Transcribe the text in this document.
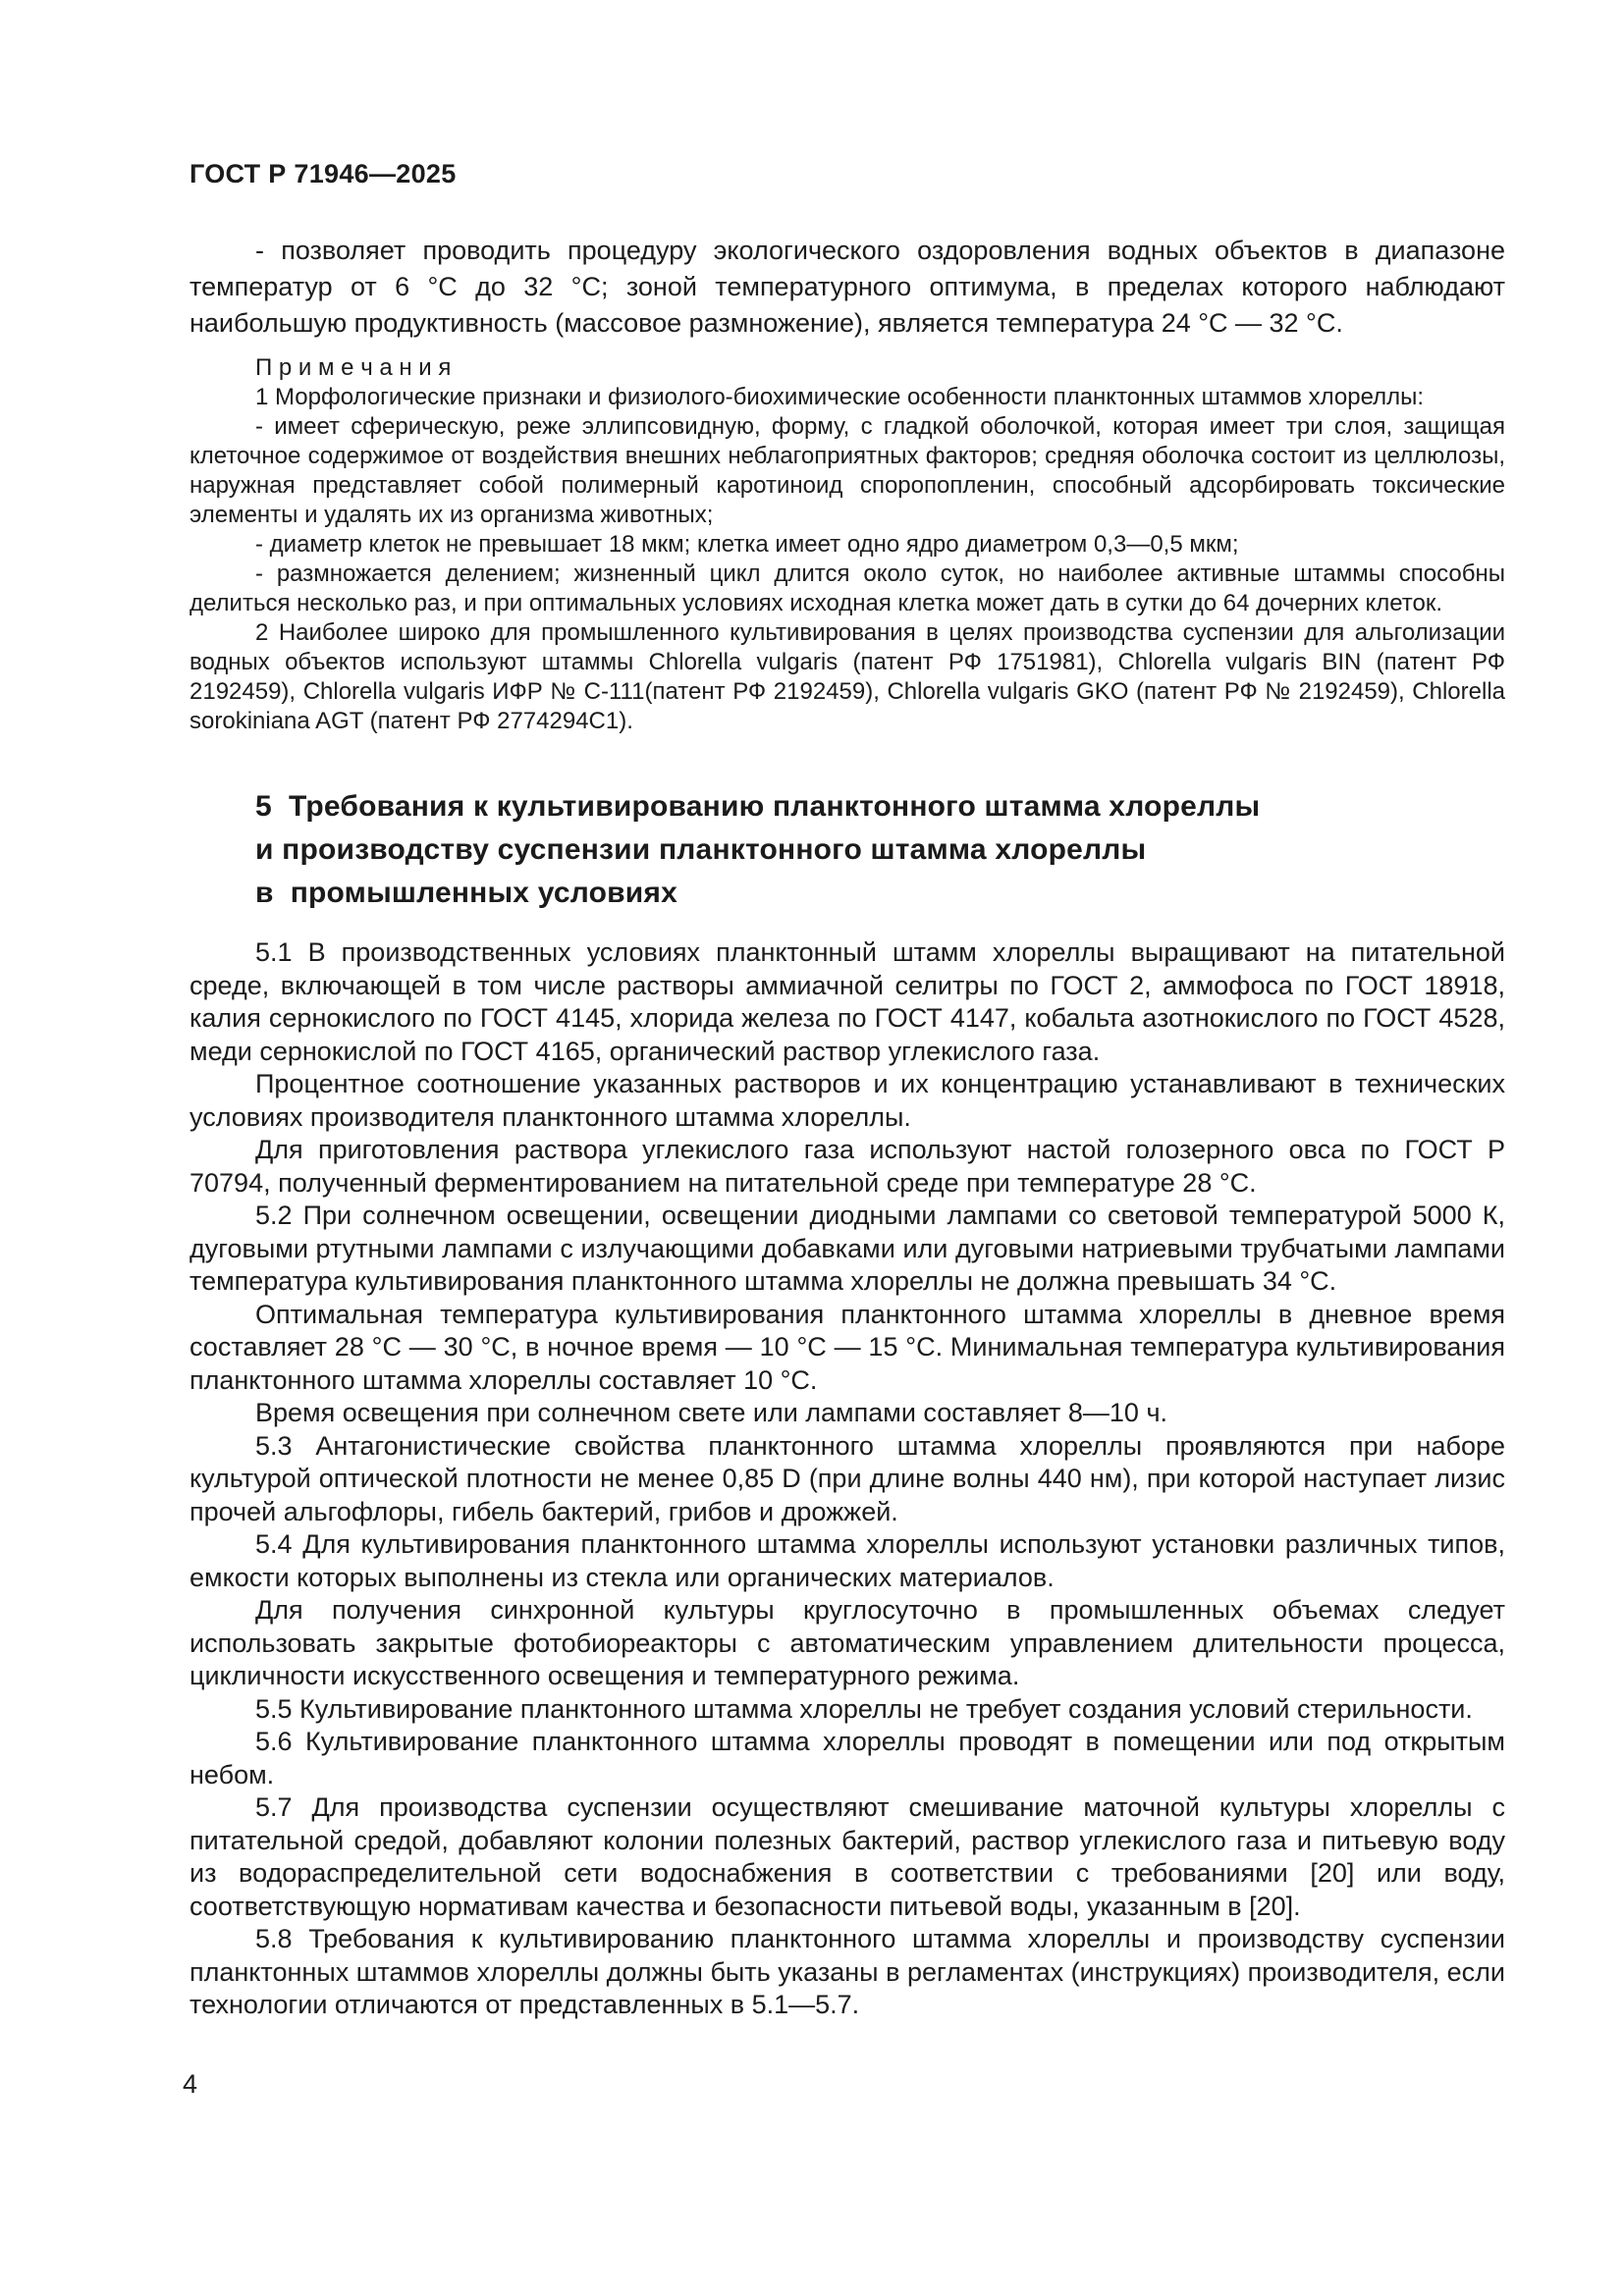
ГОСТ Р 71946—2025

- позволяет проводить процедуру экологического оздоровления водных объектов в диапазоне температур от 6 °С до 32 °С; зоной температурного оптимума, в пределах которого наблюдают наибольшую продуктивность (массовое размножение), является температура 24 °С — 32 °С.

П р и м е ч а н и я

1 Морфологические признаки и физиолого-биохимические особенности планктонных штаммов хлореллы:

- имеет сферическую, реже эллипсовидную, форму, с гладкой оболочкой, которая имеет три слоя, защищая клеточное содержимое от воздействия внешних неблагоприятных факторов; средняя оболочка состоит из целлюлозы, наружная представляет собой полимерный каротиноид споропопленин, способный адсорбировать токсические элементы и удалять их из организма животных;

- диаметр клеток не превышает 18 мкм; клетка имеет одно ядро диаметром 0,3—0,5 мкм;

- размножается делением; жизненный цикл длится около суток, но наиболее активные штаммы способны делиться несколько раз, и при оптимальных условиях исходная клетка может дать в сутки до 64 дочерних клеток.

2 Наиболее широко для промышленного культивирования в целях производства суспензии для альголизации водных объектов используют штаммы Chlorella vulgaris (патент РФ 1751981), Chlorella vulgaris BIN (патент РФ 2192459), Chlorella vulgaris ИФР № С-111(патент РФ 2192459), Chlorella vulgaris GKO (патент РФ № 2192459), Chlorella sorokiniana AGT (патент РФ 2774294С1).

5  Требования к культивированию планктонного штамма хлореллы
и производству суспензии планктонного штамма хлореллы
в  промышленных условиях

5.1 В производственных условиях планктонный штамм хлореллы выращивают на питательной среде, включающей в том числе растворы аммиачной селитры по ГОСТ 2, аммофоса по ГОСТ 18918, калия сернокислого по ГОСТ 4145, хлорида железа по ГОСТ 4147, кобальта азотнокислого по ГОСТ 4528, меди сернокислой по ГОСТ 4165, органический раствор углекислого газа.

Процентное соотношение указанных растворов и их концентрацию устанавливают в технических условиях производителя планктонного штамма хлореллы.

Для приготовления раствора углекислого газа используют настой голозерного овса по ГОСТ Р 70794, полученный ферментированием на питательной среде при температуре 28 °С.

5.2 При солнечном освещении, освещении диодными лампами со световой температурой 5000 К, дуговыми ртутными лампами с излучающими добавками или дуговыми натриевыми трубчатыми лампами температура культивирования планктонного штамма хлореллы не должна превышать 34 °С.

Оптимальная температура культивирования планктонного штамма хлореллы в дневное время составляет 28 °С — 30 °С, в ночное время — 10 °С — 15 °С. Минимальная температура культивирования планктонного штамма хлореллы составляет 10 °С.

Время освещения при солнечном свете или лампами составляет 8—10 ч.

5.3 Антагонистические свойства планктонного штамма хлореллы проявляются при наборе культурой оптической плотности не менее 0,85 D (при длине волны 440 нм), при которой наступает лизис прочей альгофлоры, гибель бактерий, грибов и дрожжей.

5.4 Для культивирования планктонного штамма хлореллы используют установки различных типов, емкости которых выполнены из стекла или органических материалов.

Для получения синхронной культуры круглосуточно в промышленных объемах следует использовать закрытые фотобиореакторы с автоматическим управлением длительности процесса, цикличности искусственного освещения и температурного режима.

5.5 Культивирование планктонного штамма хлореллы не требует создания условий стерильности.

5.6 Культивирование планктонного штамма хлореллы проводят в помещении или под открытым небом.

5.7 Для производства суспензии осуществляют смешивание маточной культуры хлореллы с питательной средой, добавляют колонии полезных бактерий, раствор углекислого газа и питьевую воду из водораспределительной сети водоснабжения в соответствии с требованиями [20] или воду, соответствующую нормативам качества и безопасности питьевой воды, указанным в [20].

5.8 Требования к культивированию планктонного штамма хлореллы и производству суспензии планктонных штаммов хлореллы должны быть указаны в регламентах (инструкциях) производителя, если технологии отличаются от представленных в 5.1—5.7.

4
